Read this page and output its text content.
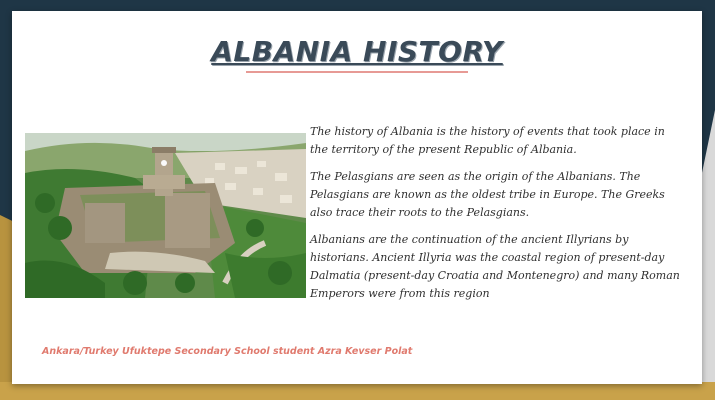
ALBANIA HISTORY

The history of Albania is the history of events that took place in the territory of the present Republic of Albania.

The Pelasgians are seen as the origin of the Albanians. The Pelasgians are known as the oldest tribe in Europe. The Greeks also trace their roots to the Pelasgians.

Albanians are the continuation of the ancient Illyrians by historians. Ancient Illyria was the coastal region of present-day Dalmatia (present-day Croatia and Montenegro) and many Roman Emperors were from this region

Ankara/Turkey Ufuktepe Secondary School student Azra Kevser Polat
